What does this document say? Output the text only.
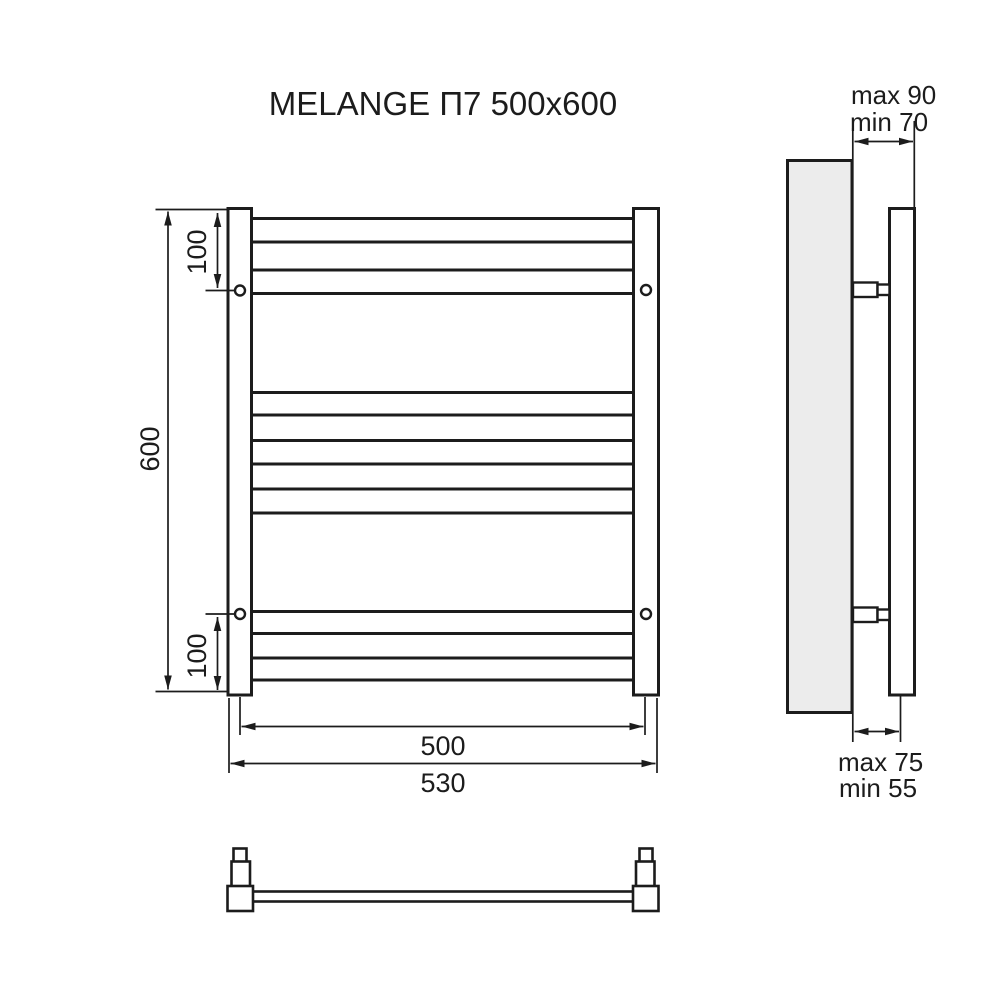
MELANGE П7 500x600
600
100
100
500
530
max 90
min 70
max 75
min 55
